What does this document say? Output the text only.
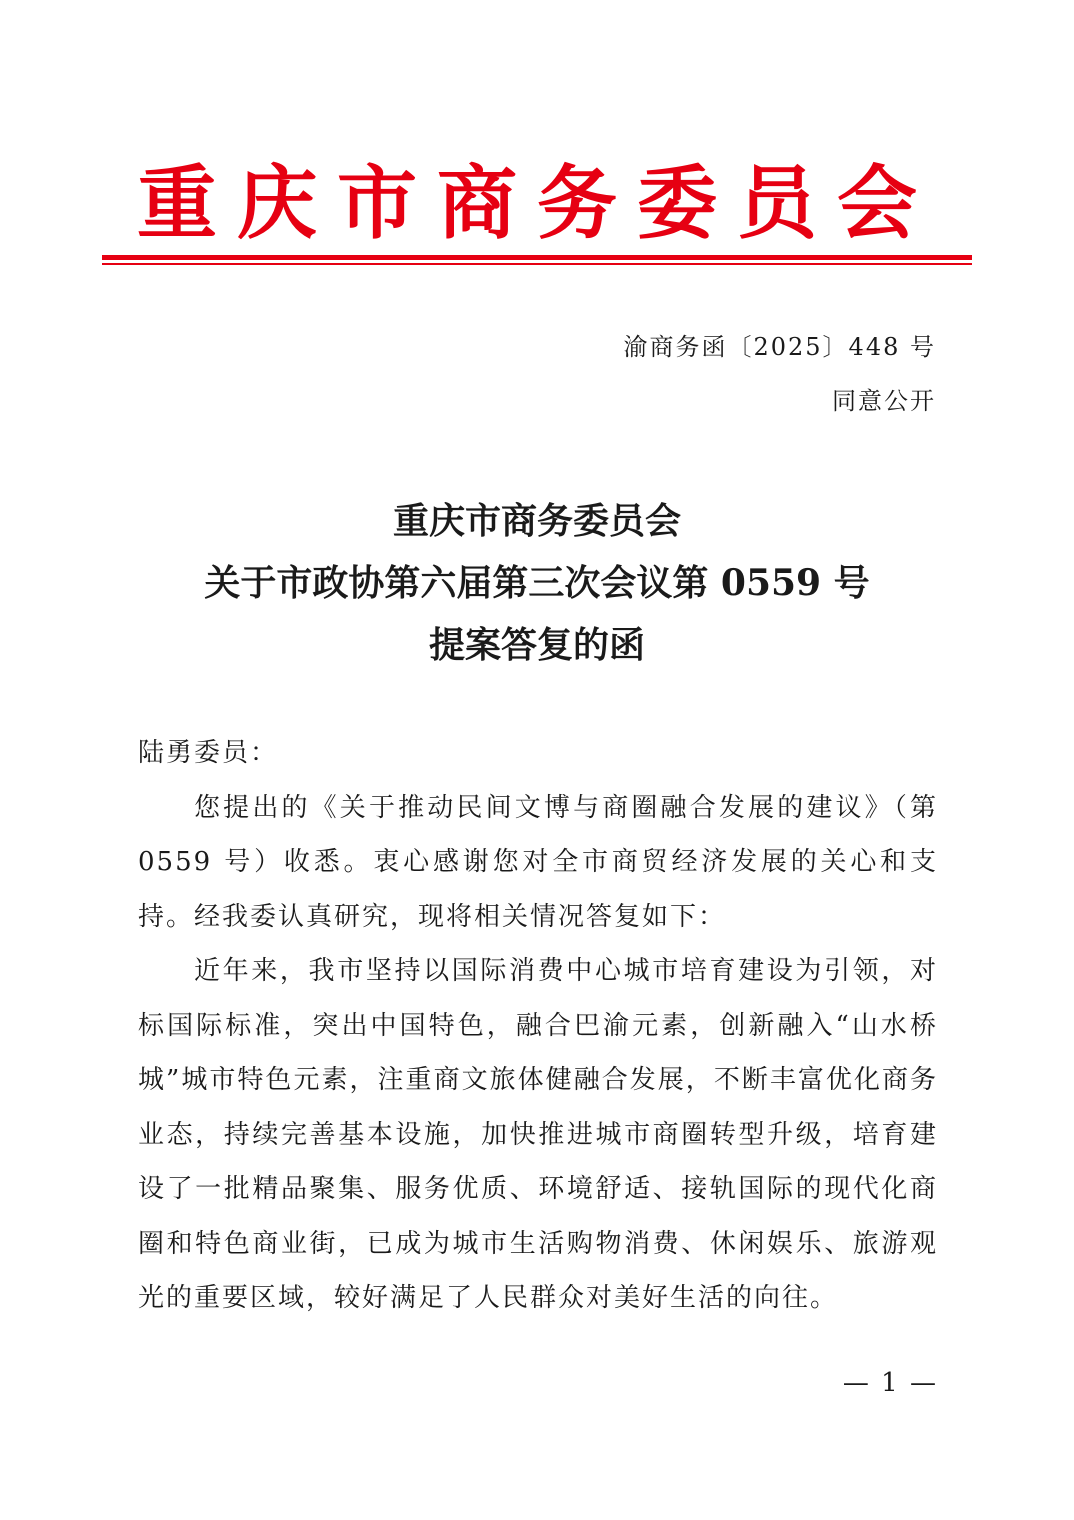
重庆市商务委员会
渝商务函〔2025〕448 号
同意公开
重庆市商务委员会
关于市政协第六届第三次会议第 0559 号
提案答复的函

陆勇委员：

您提出的《关于推动民间文博与商圈融合发展的建议》（第 0559 号）收悉。衷心感谢您对全市商贸经济发展的关心和支持。经我委认真研究，现将相关情况答复如下：

近年来，我市坚持以国际消费中心城市培育建设为引领，对标国际标准，突出中国特色，融合巴渝元素，创新融入“山水桥城”城市特色元素，注重商文旅体健融合发展，不断丰富优化商务业态，持续完善基本设施，加快推进城市商圈转型升级，培育建设了一批精品聚集、服务优质、环境舒适、接轨国际的现代化商圈和特色商业街，已成为城市生活购物消费、休闲娱乐、旅游观光的重要区域，较好满足了人民群众对美好生活的向往。

— 1 —
